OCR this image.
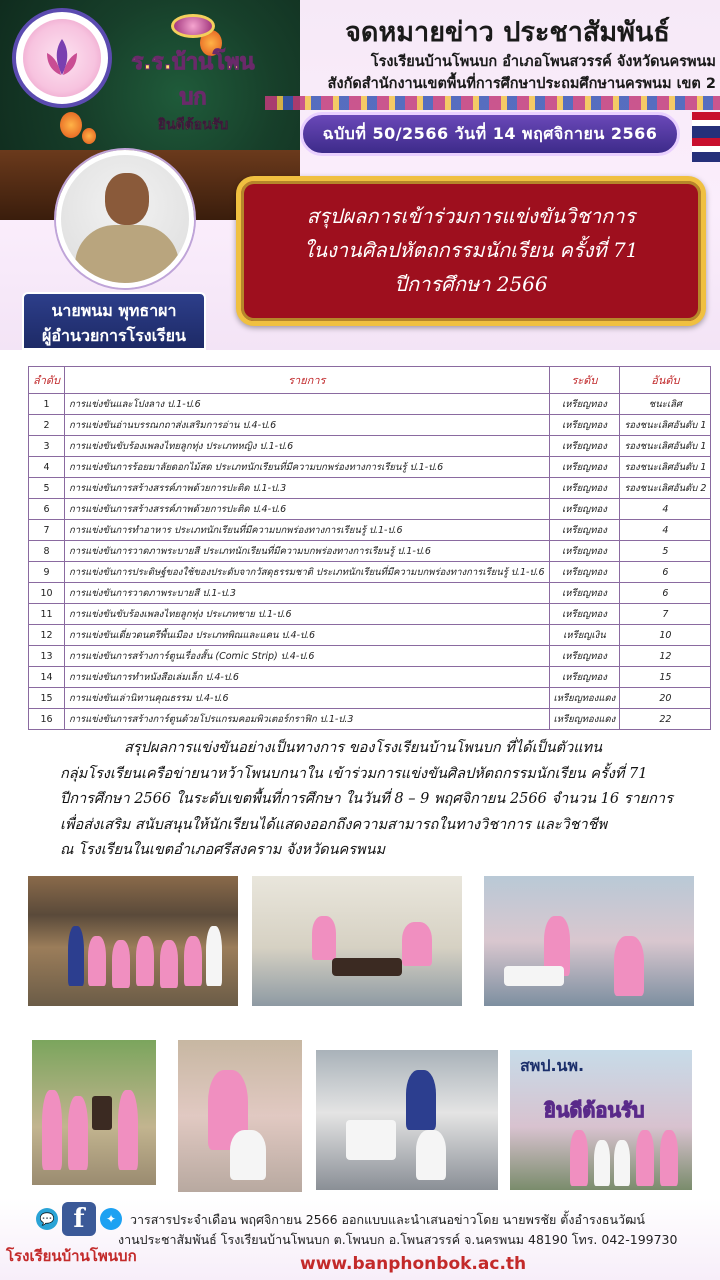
ร.ร.บ้านโพนบก
ยินดีต้อนรับ
จดหมายข่าว ประชาสัมพันธ์
โรงเรียนบ้านโพนบก อำเภอโพนสวรรค์ จังหวัดนครพนม
สังกัดสำนักงานเขตพื้นที่การศึกษาประถมศึกษานครพนม เขต 2
ฉบับที่ 50/2566 วันที่ 14 พฤศจิกายน 2566
นายพนม พุทธาผา
ผู้อำนวยการโรงเรียน
สรุปผลการเข้าร่วมการแข่งขันวิชาการ
ในงานศิลปหัตถกรรมนักเรียน ครั้งที่ 71
ปีการศึกษา 2566
ลำดับ	รายการ	ระดับ	อันดับ
1	การแข่งขันและโปงลาง ป.1-ป.6	เหรียญทอง	ชนะเลิศ
2	การแข่งขันอ่านบรรณกถาส่งเสริมการอ่าน ป.4-ป.6	เหรียญทอง	รองชนะเลิศอันดับ 1
3	การแข่งขันขับร้องเพลงไทยลูกทุ่ง ประเภทหญิง ป.1-ป.6	เหรียญทอง	รองชนะเลิศอันดับ 1
4	การแข่งขันการร้อยมาลัยดอกไม้สด ประเภทนักเรียนที่มีความบกพร่องทางการเรียนรู้ ป.1-ป.6	เหรียญทอง	รองชนะเลิศอันดับ 1
5	การแข่งขันการสร้างสรรค์ภาพด้วยการปะติด ป.1-ป.3	เหรียญทอง	รองชนะเลิศอันดับ 2
6	การแข่งขันการสร้างสรรค์ภาพด้วยการปะติด ป.4-ป.6	เหรียญทอง	4
7	การแข่งขันการทำอาหาร ประเภทนักเรียนที่มีความบกพร่องทางการเรียนรู้ ป.1-ป.6	เหรียญทอง	4
8	การแข่งขันการวาดภาพระบายสี ประเภทนักเรียนที่มีความบกพร่องทางการเรียนรู้ ป.1-ป.6	เหรียญทอง	5
9	การแข่งขันการประดิษฐ์ของใช้ของประดับจากวัสดุธรรมชาติ ประเภทนักเรียนที่มีความบกพร่องทางการเรียนรู้ ป.1-ป.6	เหรียญทอง	6
10	การแข่งขันการวาดภาพระบายสี ป.1-ป.3	เหรียญทอง	6
11	การแข่งขันขับร้องเพลงไทยลูกทุ่ง ประเภทชาย ป.1-ป.6	เหรียญทอง	7
12	การแข่งขันเดี่ยวดนตรีพื้นเมือง ประเภทพิณและแคน ป.4-ป.6	เหรียญเงิน	10
13	การแข่งขันการสร้างการ์ตูนเรื่องสั้น (Comic Strip) ป.4-ป.6	เหรียญทอง	12
14	การแข่งขันการทำหนังสือเล่มเล็ก ป.4-ป.6	เหรียญทอง	15
15	การแข่งขันเล่านิทานคุณธรรม ป.4-ป.6	เหรียญทองแดง	20
16	การแข่งขันการสร้างการ์ตูนด้วยโปรแกรมคอมพิวเตอร์กราฟิก ป.1-ป.3	เหรียญทองแดง	22
สรุปผลการแข่งขันอย่างเป็นทางการ ของโรงเรียนบ้านโพนบก ที่ได้เป็นตัวแทน
กลุ่มโรงเรียนเครือข่ายนาหว้าโพนบกนาใน เข้าร่วมการแข่งขันศิลปหัตถกรรมนักเรียน ครั้งที่ 71
ปีการศึกษา 2566 ในระดับเขตพื้นที่การศึกษา ในวันที่ 8 – 9 พฤศจิกายน 2566 จำนวน 16 รายการ
เพื่อส่งเสริม สนับสนุนให้นักเรียนได้แสดงออกถึงความสามารถในทางวิชาการ และวิชาชีพ
ณ โรงเรียนในเขตอำเภอศรีสงคราม จังหวัดนครพนม
สพป.นพ.
ยินดีต้อนรับ
💬 f	✦	วารสารประจำเดือน พฤศจิกายน 2566 ออกแบบและนำเสนอข่าวโดย นายพรชัย ตั้งอำรงธนวัฒน์
งานประชาสัมพันธ์ โรงเรียนบ้านโพนบก ต.โพนบก อ.โพนสวรรค์ จ.นครพนม 48190 โทร. 042-199730
โรงเรียนบ้านโพนบก	www.banphonbok.ac.th
